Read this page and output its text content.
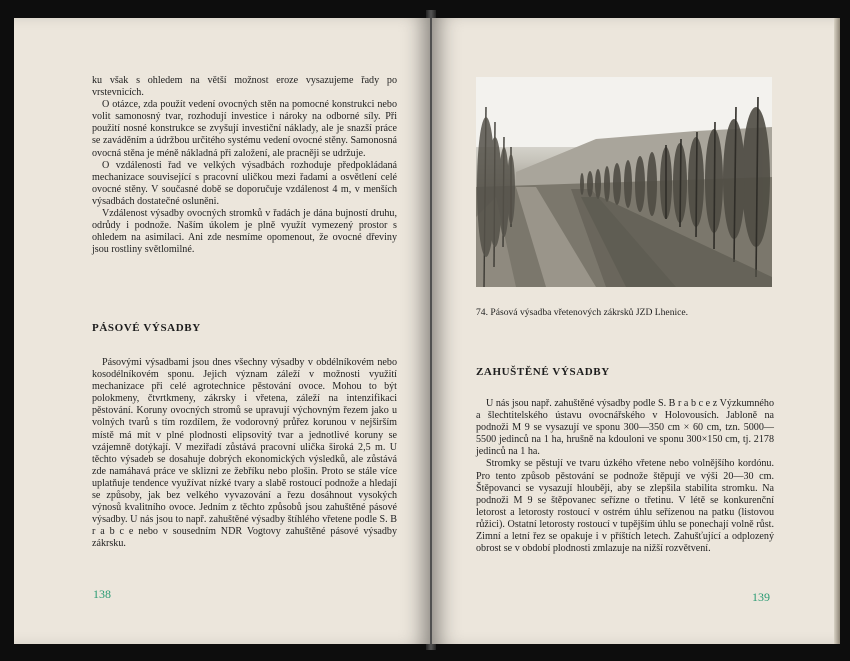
ku však s ohledem na větší možnost eroze vysazujeme řady po vrstevnicích.

O otázce, zda použít vedení ovocných stěn na pomocné konstrukci nebo volit samonosný tvar, rozhodují investice i nároky na odborné síly. Při použití nosné konstrukce se zvyšují investiční náklady, ale je snazší práce se zaváděním a údržbou určitého systému vedení ovocné stěny. Samonosná ovocná stěna je méně nákladná při založení, ale pracněji se udržuje.

O vzdálenosti řad ve velkých výsadbách rozhoduje předpokládaná mechanizace související s pracovní uličkou mezi řadami a osvětlení celé ovocné stěny. V současné době se doporučuje vzdálenost 4 m, v menších výsadbách dostatečné osluněni.

Vzdálenost výsadby ovocných stromků v řadách je dána bujností druhu, odrůdy i podnože. Naším úkolem je plně využít vymezený prostor s ohledem na asimilaci. Ani zde nesmíme opomenout, že ovocné dřeviny jsou rostliny světlomilné.

PÁSOVÉ VÝSADBY

Pásovými výsadbami jsou dnes všechny výsadby v obdélníkovém nebo kosodélníkovém sponu. Jejich význam záleží v možnosti využití mechanizace při celé agrotechnice pěstování ovoce. Mohou to být polokmeny, čtvrtkmeny, zákrsky i vřetena, záleží na intenzifikaci pěstování. Koruny ovocných stromů se upravují výchovným řezem jako u volných tvarů s tím rozdílem, že vodorovný průřez korunou v nejširším místě má mít v plné plodnosti elipsovitý tvar a jednotlivé koruny se vzájemně dotýkají. V meziřadí zůstává pracovní ulička široká 2,5 m. U těchto výsadeb se dosahuje dobrých ekonomických výsledků, ale zůstává zde namáhavá práce ve sklizni ze žebříku nebo plošin. Proto se stále více uplatňuje tendence využívat nízké tvary a slabě rostoucí podnože a hledají se způsoby, jak bez velkého vyvazování a řezu dosáhnout vysokých výnosů kvalitního ovoce. Jedním z těchto způsobů jsou zahuštěné pásové výsadby. U nás jsou to např. zahuštěné výsadby štíhlého vřetene podle S. B r a b c e nebo v sousedním NDR Vogtovy zahuštěné pásové výsadby zákrsku.

138
74. Pásová výsadba vřetenových zákrsků JZD Lhenice.
ZAHUŠTĚNÉ VÝSADBY

U nás jsou např. zahuštěné výsadby podle S. B r a b c e z Výzkumného a šlechtitelského ústavu ovocnářského v Holovousích. Jabloně na podnoži M 9 se vysazují ve sponu 300—350 cm × 60 cm, tzn. 5000—5500 jedinců na 1 ha, hrušně na kdouloni ve sponu 300×150 cm, tj. 2178 jedinců na 1 ha.

Stromky se pěstují ve tvaru úzkého vřetene nebo volnějšího kordónu. Pro tento způsob pěstování se podnože štěpují ve výši 20—30 cm. Štěpovanci se vysazují hlouběji, aby se zlepšila stabilita stromku. Na podnoži M 9 se štěpovanec seřízne o třetinu. V létě se konkurenční letorost a letorosty rostoucí v ostrém úhlu seřízenou na patku (listovou růžici). Ostatní letorosty rostoucí v tupějším úhlu se ponechají volně růst. Zimní a letní řez se opakuje i v příštích letech. Zahušťující a odplozený obrost se v období plodnosti zmlazuje na nižší rozvětvení.

139
